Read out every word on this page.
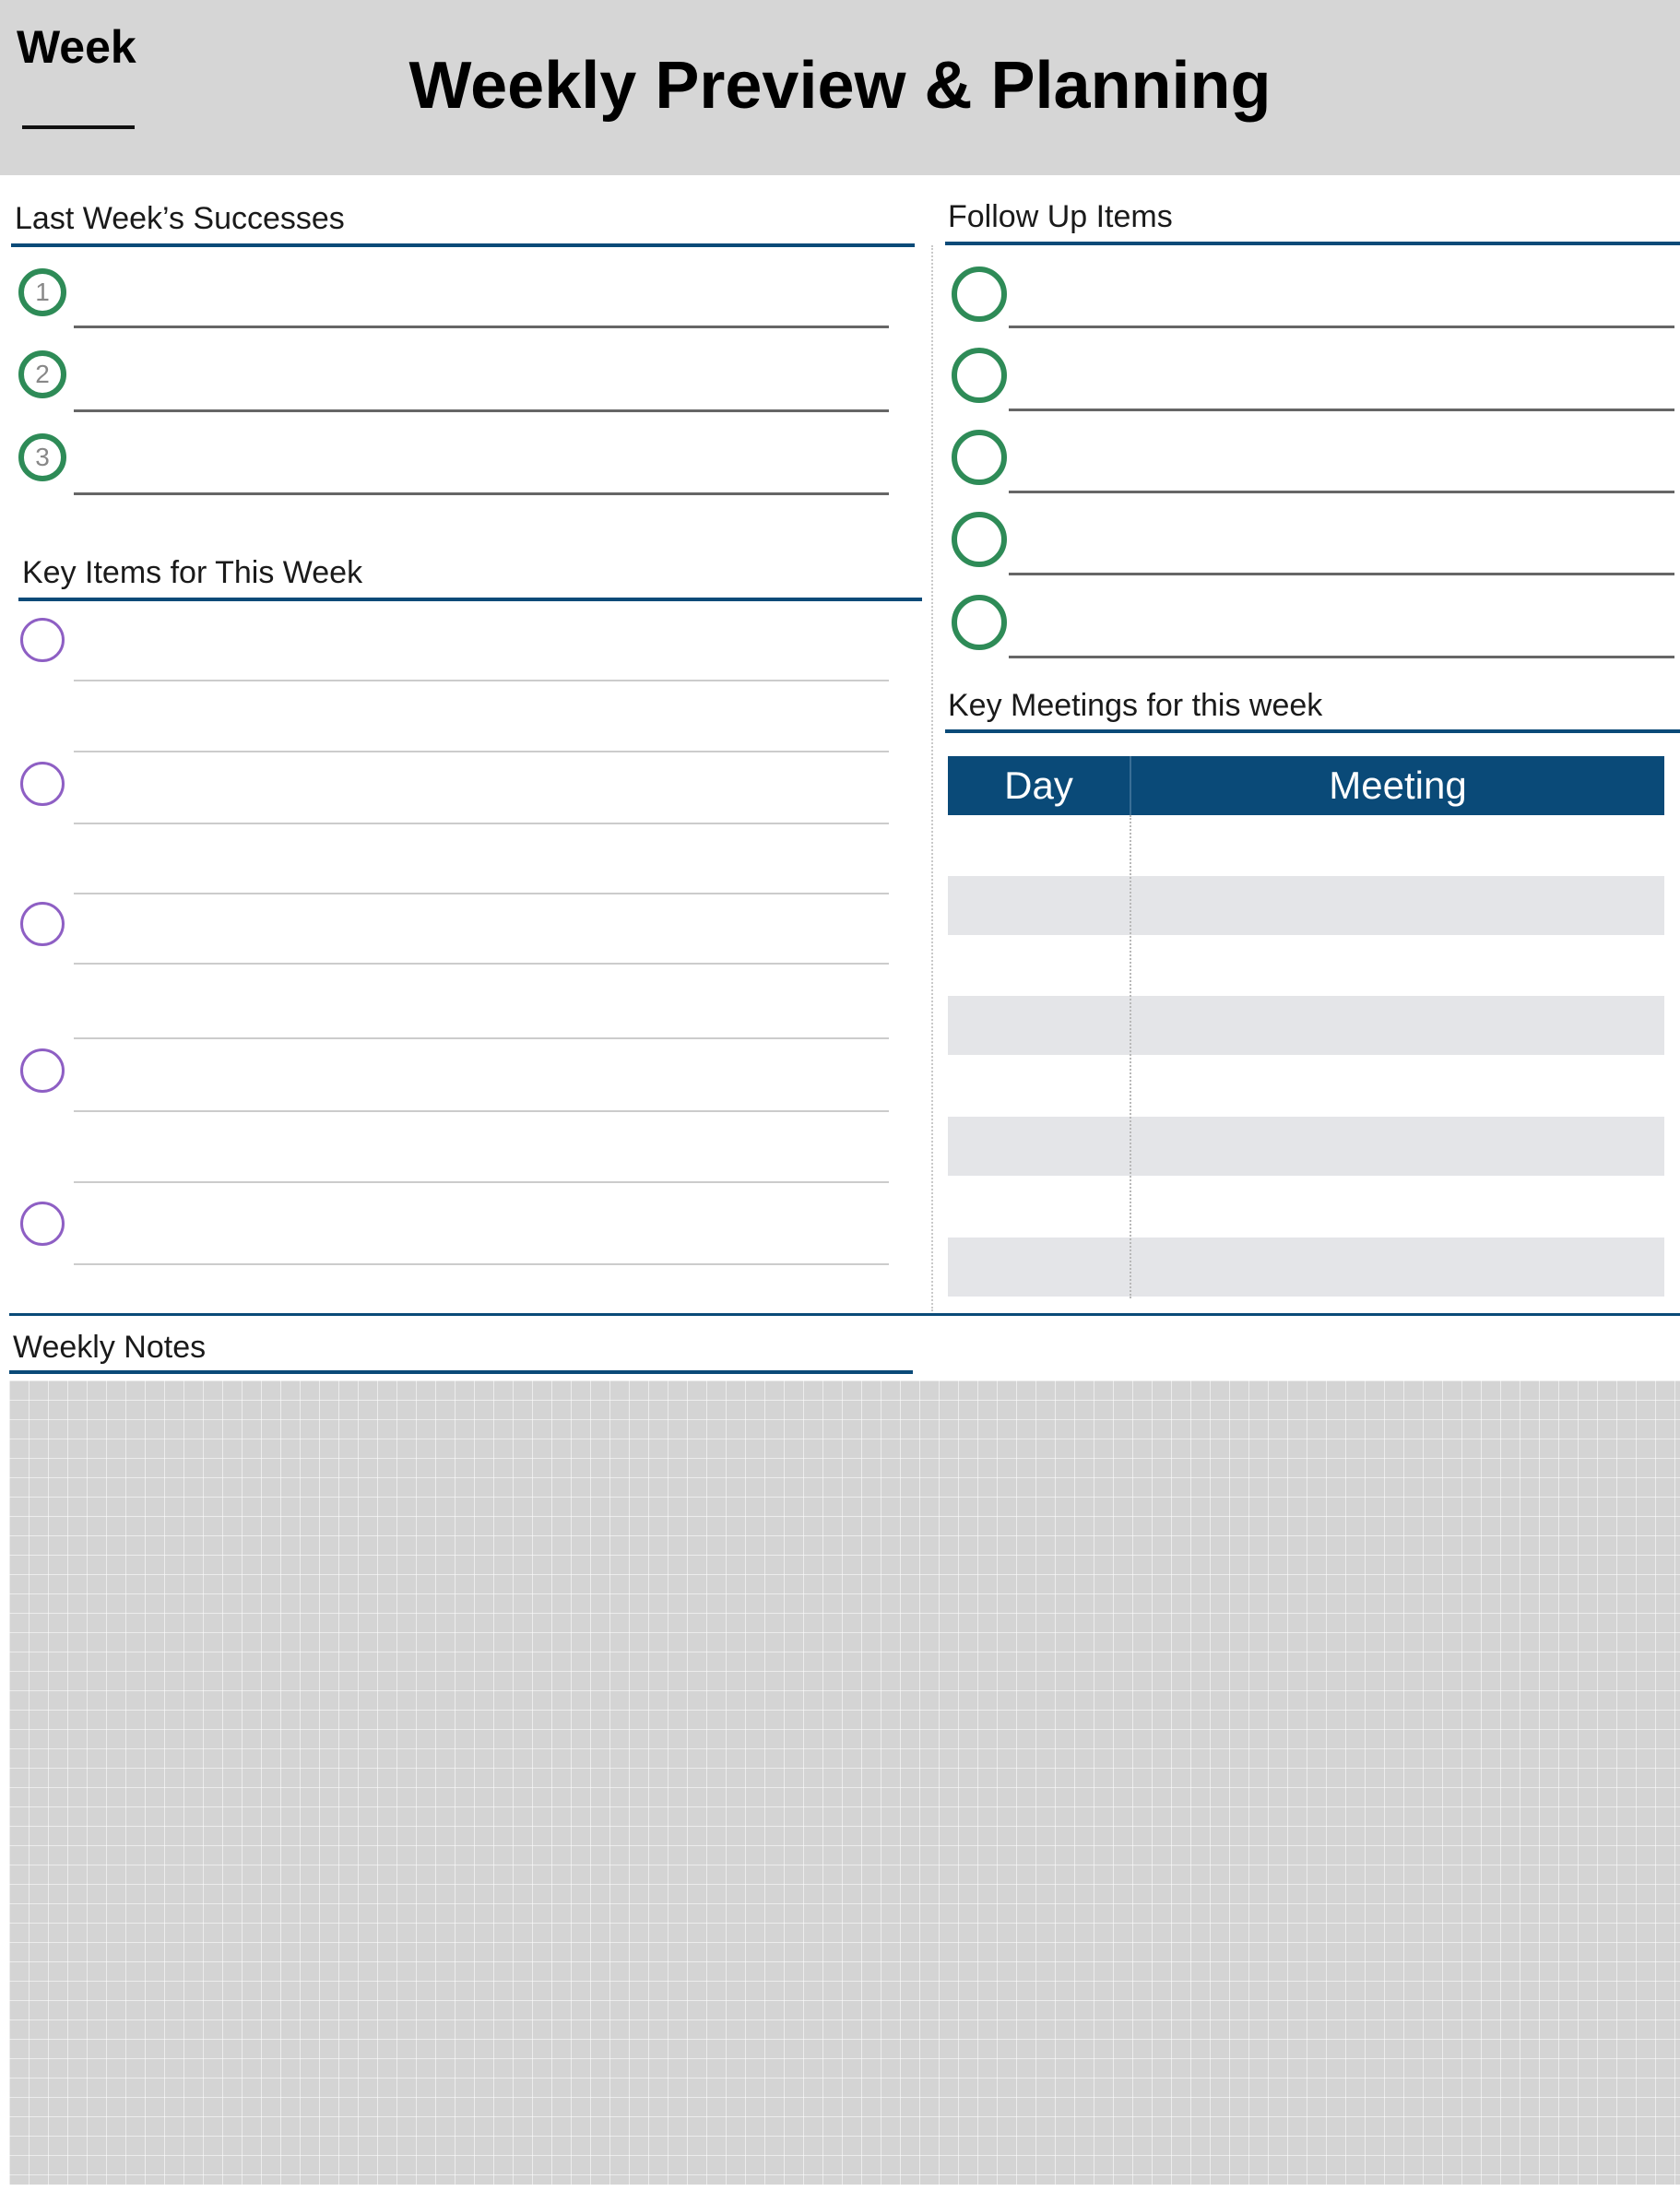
Week
Weekly Preview & Planning
Last Week’s Successes
1
2
3
Key Items for This Week
Follow Up Items
Key Meetings for this week
Day	Meeting
Weekly Notes
